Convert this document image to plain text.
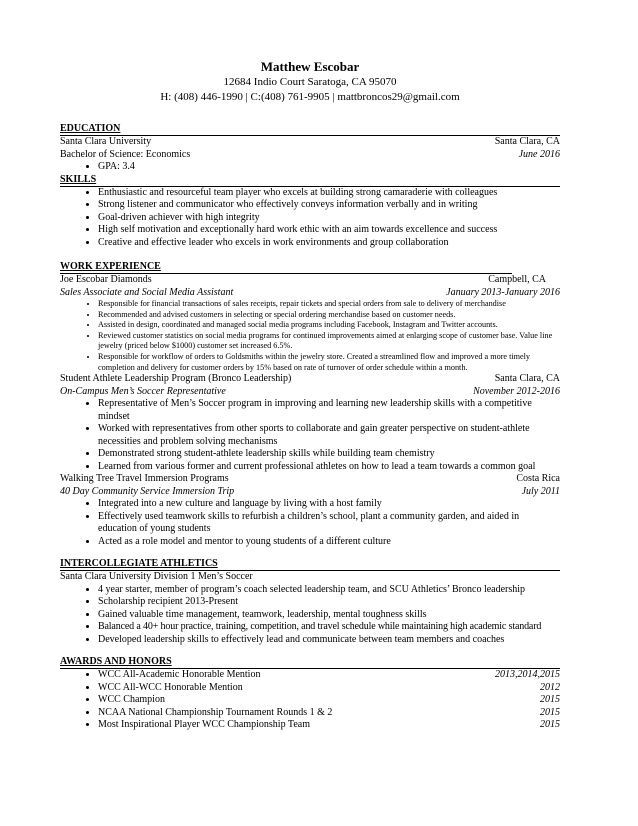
Matthew Escobar
12684 Indio Court Saratoga, CA 95070
H: (408) 446-1990 | C:(408) 761-9905 | mattbroncos29@gmail.com
EDUCATION
Santa Clara University	Santa Clara, CA
Bachelor of Science: Economics	June 2016
• GPA: 3.4
SKILLS
• Enthusiastic and resourceful team player who excels at building strong camaraderie with colleagues
• Strong listener and communicator who effectively conveys information verbally and in writing
• Goal-driven achiever with high integrity
• High self motivation and exceptionally hard work ethic with an aim towards excellence and success
• Creative and effective leader who excels in work environments and group collaboration
WORK EXPERIENCE
Joe Escobar Diamonds	Campbell, CA
Sales Associate and Social Media Assistant	January 2013-January 2016
• Responsible for financial transactions of sales receipts, repair tickets and special orders from sale to delivery of merchandise
• Recommended and advised customers in selecting or special ordering merchandise based on customer needs.
• Assisted in design, coordinated and managed social media programs including Facebook, Instagram and Twitter accounts.
• Reviewed customer statistics on social media programs for continued improvements aimed at enlarging scope of customer base. Value line jewelry (priced below $1000) customer set increased 6.5%.
• Responsible for workflow of orders to Goldsmiths within the jewelry store. Created a streamlined flow and improved a more timely completion and delivery for customer orders by 15% based on rate of turnover of order schedule within a month.
Student Athlete Leadership Program (Bronco Leadership)	Santa Clara, CA
On-Campus Men’s Soccer Representative	November 2012-2016
• Representative of Men’s Soccer program in improving and learning new leadership skills with a competitive mindset
• Worked with representatives from other sports to collaborate and gain greater perspective on student-athlete necessities and problem solving mechanisms
• Demonstrated strong student-athlete leadership skills while building team chemistry
• Learned from various former and current professional athletes on how to lead a team towards a common goal
Walking Tree Travel Immersion Programs	Costa Rica
40 Day Community Service Immersion Trip	July 2011
• Integrated into a new culture and language by living with a host family
• Effectively used teamwork skills to refurbish a children’s school, plant a community garden, and aided in education of young students
• Acted as a role model and mentor to young students of a different culture
INTERCOLLEGIATE ATHLETICS
Santa Clara University Division 1 Men’s Soccer
• 4 year starter, member of program’s coach selected leadership team, and SCU Athletics’ Bronco leadership
• Scholarship recipient 2013-Present
• Gained valuable time management, teamwork, leadership, mental toughness skills
• Balanced a 40+ hour practice, training, competition, and travel schedule while maintaining high academic standard
• Developed leadership skills to effectively lead and communicate between team members and coaches
AWARDS AND HONORS
• WCC All-Academic Honorable Mention	2013,2014,2015
• WCC All-WCC Honorable Mention	2012
• WCC Champion	2015
• NCAA National Championship Tournament Rounds 1 & 2	2015
• Most Inspirational Player WCC Championship Team	2015
